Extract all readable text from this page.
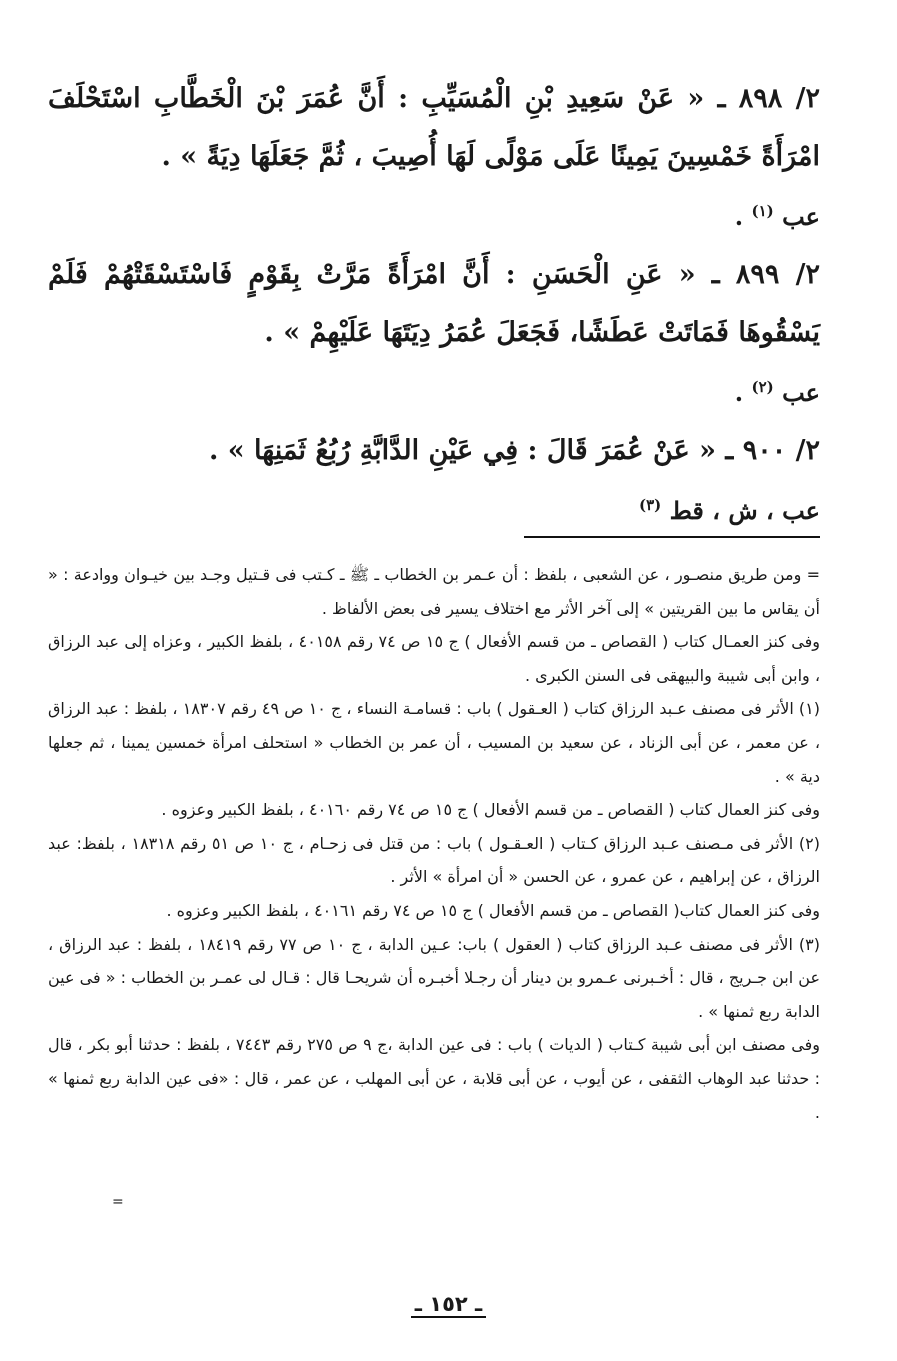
٢/ ٨٩٨ ـ « عَنْ سَعِيدِ بْنِ الْمُسَيِّبِ : أَنَّ عُمَرَ بْنَ الْخَطَّابِ اسْتَحْلَفَ امْرَأَةً خَمْسِينَ يَمِينًا عَلَى مَوْلًى لَهَا أُصِيبَ ، ثُمَّ جَعَلَهَا دِيَةً » .

عب $^{(١)}$ .

٢/ ٨٩٩ ـ « عَنِ الْحَسَنِ : أَنَّ امْرَأَةً مَرَّتْ بِقَوْمٍ فَاسْتَسْقَتْهُمْ فَلَمْ يَسْقُوهَا فَمَاتَتْ عَطَشًا، فَجَعَلَ عُمَرُ دِيَتَهَا عَلَيْهِمْ » .

عب $^{(٢)}$ .

٢/ ٩٠٠ ـ « عَنْ عُمَرَ قَالَ : فِي عَيْنِ الدَّابَّةِ رُبُعُ ثَمَنِهَا » .

عب ، ش ، قط $^{(٣)}$

= ومن طريق منصـور ، عن الشعبى ، بلفظ : أن عـمر بن الخطاب ـ ﷺ ـ كـتب فى قـتيل وجـد بين خيـوان ووادعة : « أن يقاس ما بين القريتين » إلى آخر الأثر مع اختلاف يسير فى بعض الألفاظ .

وفى كنز العمـال كتاب ( القصاص ـ من قسم الأفعال ) ج ١٥ ص ٧٤ رقم ٤٠١٥٨ ، بلفظ الكبير ، وعزاه إلى عبد الرزاق ، وابن أبى شيبة والبيهقى فى السنن الكبرى .

(١) الأثر فى مصنف عـبد الرزاق كتاب ( العـقول ) باب : قسامـة النساء ، ج ١٠ ص ٤٩ رقم ١٨٣٠٧ ، بلفظ : عبد الرزاق ، عن معمر ، عن أبى الزناد ، عن سعيد بن المسيب ، أن عمر بن الخطاب « استحلف امرأة خمسين يمينا ، ثم جعلها دية » .

وفى كنز العمال كتاب ( القصاص ـ من قسم الأفعال ) ج ١٥ ص ٧٤ رقم ٤٠١٦٠ ، بلفظ الكبير وعزوه .

(٢) الأثر فى مـصنف عـبد الرزاق كـتاب ( العـقـول ) باب : من قتل فى زحـام ، ج ١٠ ص ٥١ رقم ١٨٣١٨ ، بلفظ: عبد الرزاق ، عن إبراهيم ، عن عمرو ، عن الحسن « أن امرأة » الأثر .

وفى كنز العمال كتاب( القصاص ـ من قسم الأفعال ) ج ١٥ ص ٧٤ رقم ٤٠١٦١ ، بلفظ الكبير وعزوه .

(٣) الأثر فى مصنف عـبد الرزاق كتاب ( العقول ) باب: عـين الدابة ، ج ١٠ ص ٧٧ رقم ١٨٤١٩ ، بلفظ : عبد الرزاق ، عن ابن جـريج ، قال : أخـبرنى عـمرو بن دينار أن رجـلا أخبـره أن شريحـا قال : قـال لى عمـر بن الخطاب : « فى عين الدابة ربع ثمنها » .

وفى مصنف ابن أبى شيبة كـتاب ( الديات ) باب : فى عين الدابة ،ج ٩ ص ٢٧٥ رقم ٧٤٤٣ ، بلفظ : حدثنا أبو بكر ، قال : حدثنا عبد الوهاب الثقفى ، عن أيوب ، عن أبى قلابة ، عن أبى المهلب ، عن عمر ، قال : «فى عين الدابة ربع ثمنها » .

=
ـ ١٥٢ ـ
